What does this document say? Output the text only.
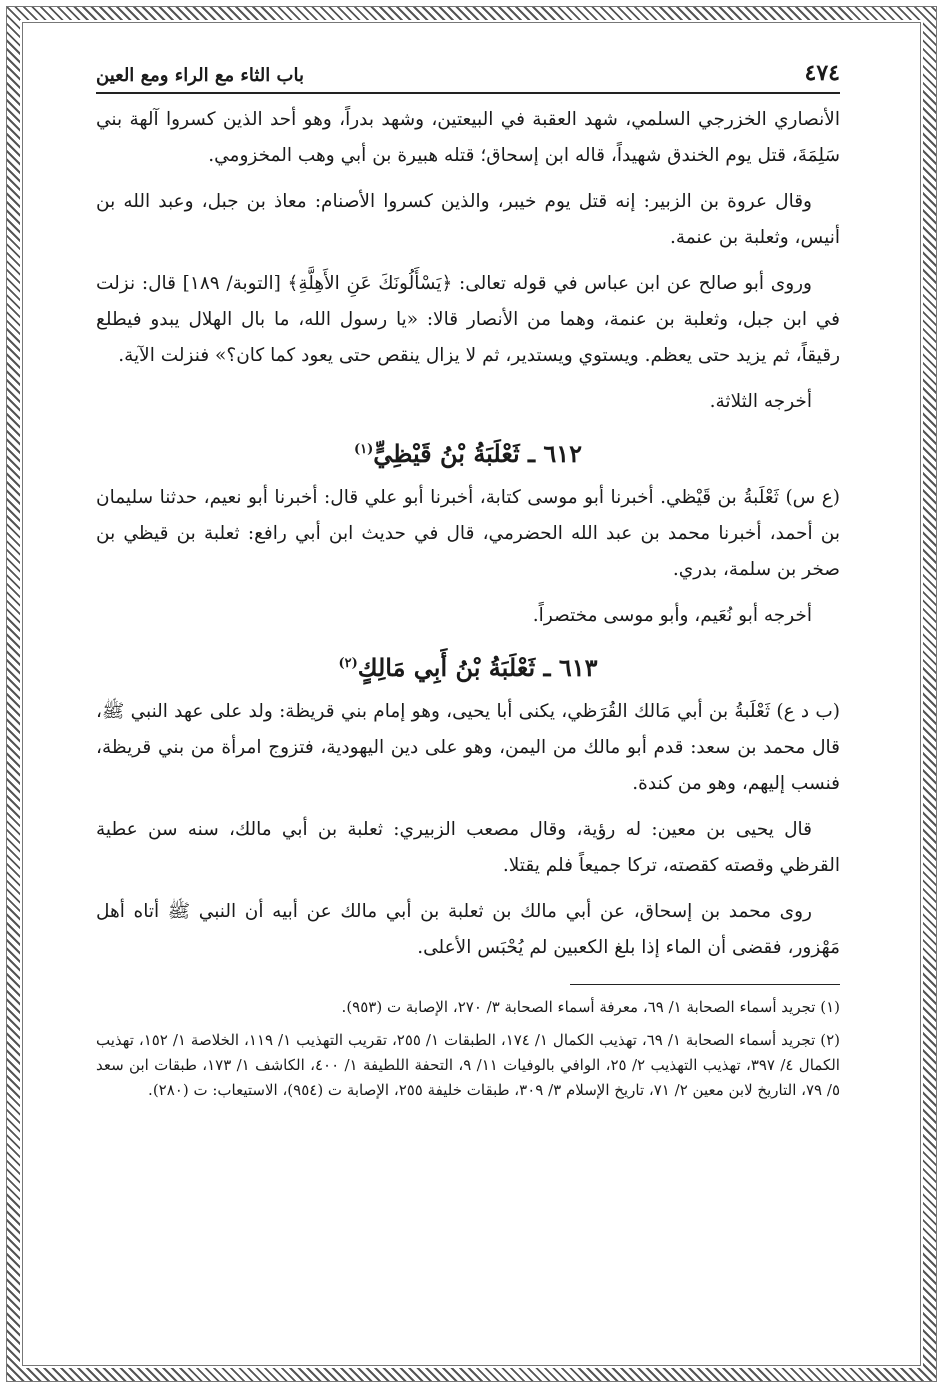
٤٧٤
باب الثاء مع الراء ومع العين

الأنصاري الخزرجي السلمي، شهد العقبة في البيعتين، وشهد بدراً، وهو أحد الذين كسروا آلهة بني سَلِمَةَ، قتل يوم الخندق شهيداً، قاله ابن إسحاق؛ قتله هبيرة بن أبي وهب المخزومي.

وقال عروة بن الزبير: إنه قتل يوم خيبر، والذين كسروا الأصنام: معاذ بن جبل، وعبد الله بن أنيس، وثعلبة بن عنمة.

وروى أبو صالح عن ابن عباس في قوله تعالى: ﴿يَسْأَلُونَكَ عَنِ الأَهِلَّةِ﴾ [التوبة/ ١٨٩] قال: نزلت في ابن جبل، وثعلبة بن عنمة، وهما من الأنصار قالا: «يا رسول الله، ما بال الهلال يبدو فيطلع رقيقاً، ثم يزيد حتى يعظم. ويستوي ويستدير، ثم لا يزال ينقص حتى يعود كما كان؟» فنزلت الآية.

أخرجه الثلاثة.

٦١٢ ـ ثَعْلَبَةُ بْنُ قَيْظِيٍّ$^{(١)}$

(ع س) ثَعْلَبةُ بن قَيْظي. أخبرنا أبو موسى كتابة، أخبرنا أبو علي قال: أخبرنا أبو نعيم، حدثنا سليمان بن أحمد، أخبرنا محمد بن عبد الله الحضرمي، قال في حديث ابن أبي رافع: ثعلبة بن قيظي بن صخر بن سلمة، بدري.

أخرجه أبو نُعَيم، وأبو موسى مختصراً.

٦١٣ ـ ثَعْلَبَةُ بْنُ أَبِي مَالِكٍ$^{(٢)}$

(ب د ع) ثَعْلَبةُ بن أبي مَالك القُرَظي، يكنى أبا يحيى، وهو إمام بني قريظة: ولد على عهد النبي ﷺ، قال محمد بن سعد: قدم أبو مالك من اليمن، وهو على دين اليهودية، فتزوج امرأة من بني قريظة، فنسب إليهم، وهو من كندة.

قال يحيى بن معين: له رؤية، وقال مصعب الزبيري: ثعلبة بن أبي مالك، سنه سن عطية القرظي وقصته كقصته، تركا جميعاً فلم يقتلا.

روى محمد بن إسحاق، عن أبي مالك بن ثعلبة بن أبي مالك عن أبيه أن النبي ﷺ أتاه أهل مَهْزور، فقضى أن الماء إذا بلغ الكعبين لم يُحْبَس الأعلى.

(١) تجريد أسماء الصحابة ١/ ٦٩، معرفة أسماء الصحابة ٣/ ٢٧٠، الإصابة ت (٩٥٣).

(٢) تجريد أسماء الصحابة ١/ ٦٩، تهذيب الكمال ١/ ١٧٤، الطبقات ١/ ٢٥٥، تقريب التهذيب ١/ ١١٩، الخلاصة ١/ ١٥٢، تهذيب الكمال ٤/ ٣٩٧، تهذيب التهذيب ٢/ ٢٥، الوافي بالوفيات ١١/ ٩، التحفة اللطيفة ١/ ٤٠٠، الكاشف ١/ ١٧٣، طبقات ابن سعد ٥/ ٧٩، التاريخ لابن معين ٢/ ٧١، تاريخ الإسلام ٣/ ٣٠٩، طبقات خليفة ٢٥٥، الإصابة ت (٩٥٤)، الاستيعاب: ت (٢٨٠).
